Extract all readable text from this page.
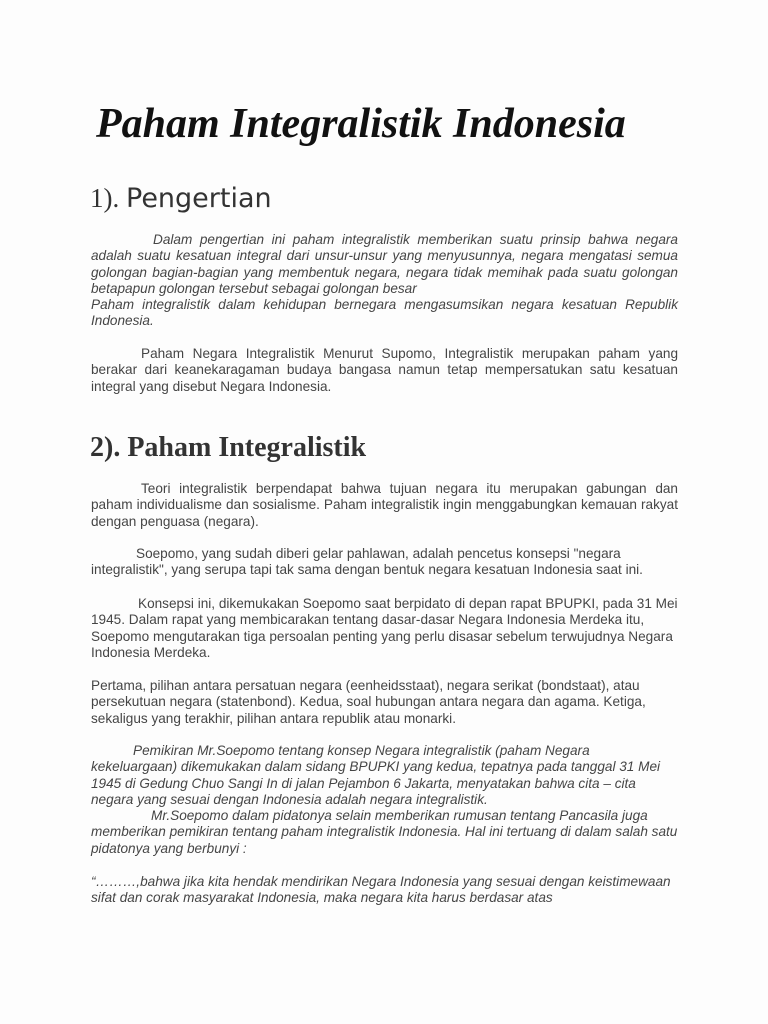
Paham Integralistik Indonesia
1). Pengertian

Dalam pengertian ini paham integralistik memberikan suatu prinsip bahwa negara adalah suatu kesatuan integral dari unsur-unsur yang menyusunnya, negara mengatasi semua golongan bagian-bagian yang membentuk negara, negara tidak memihak pada suatu golongan betapapun golongan tersebut sebagai golongan besar

Paham integralistik dalam kehidupan bernegara mengasumsikan negara kesatuan Republik Indonesia.

Paham Negara Integralistik Menurut Supomo, Integralistik merupakan paham yang berakar dari keanekaragaman budaya bangasa namun tetap mempersatukan satu kesatuan integral yang disebut Negara Indonesia.

2). Paham Integralistik

Teori integralistik berpendapat bahwa tujuan negara itu merupakan gabungan dan paham individualisme dan sosialisme. Paham integralistik ingin menggabungkan kemauan rakyat dengan penguasa (negara).

Soepomo, yang sudah diberi gelar pahlawan, adalah pencetus konsepsi "negara integralistik", yang serupa tapi tak sama dengan bentuk negara kesatuan Indonesia saat ini.

Konsepsi ini, dikemukakan Soepomo saat berpidato di depan rapat BPUPKI, pada 31 Mei 1945. Dalam rapat yang membicarakan tentang dasar-dasar Negara Indonesia Merdeka itu, Soepomo mengutarakan tiga persoalan penting yang perlu disasar sebelum terwujudnya Negara Indonesia Merdeka.

Pertama, pilihan antara persatuan negara (eenheidsstaat), negara serikat (bondstaat), atau persekutuan negara (statenbond). Kedua, soal hubungan antara negara dan agama. Ketiga, sekaligus yang terakhir, pilihan antara republik atau monarki.

Pemikiran Mr.Soepomo tentang konsep Negara integralistik (paham Negara kekeluargaan) dikemukakan dalam sidang BPUPKI yang kedua, tepatnya pada tanggal 31 Mei 1945 di Gedung Chuo Sangi In di jalan Pejambon 6 Jakarta, menyatakan bahwa cita – cita negara yang sesuai dengan Indonesia adalah negara integralistik.

Mr.Soepomo dalam pidatonya selain memberikan rumusan tentang Pancasila juga memberikan pemikiran tentang paham integralistik Indonesia. Hal ini tertuang di dalam salah satu pidatonya yang berbunyi :

“………,bahwa jika kita hendak mendirikan Negara Indonesia yang sesuai dengan keistimewaan sifat dan corak masyarakat Indonesia, maka negara kita harus berdasar atas
